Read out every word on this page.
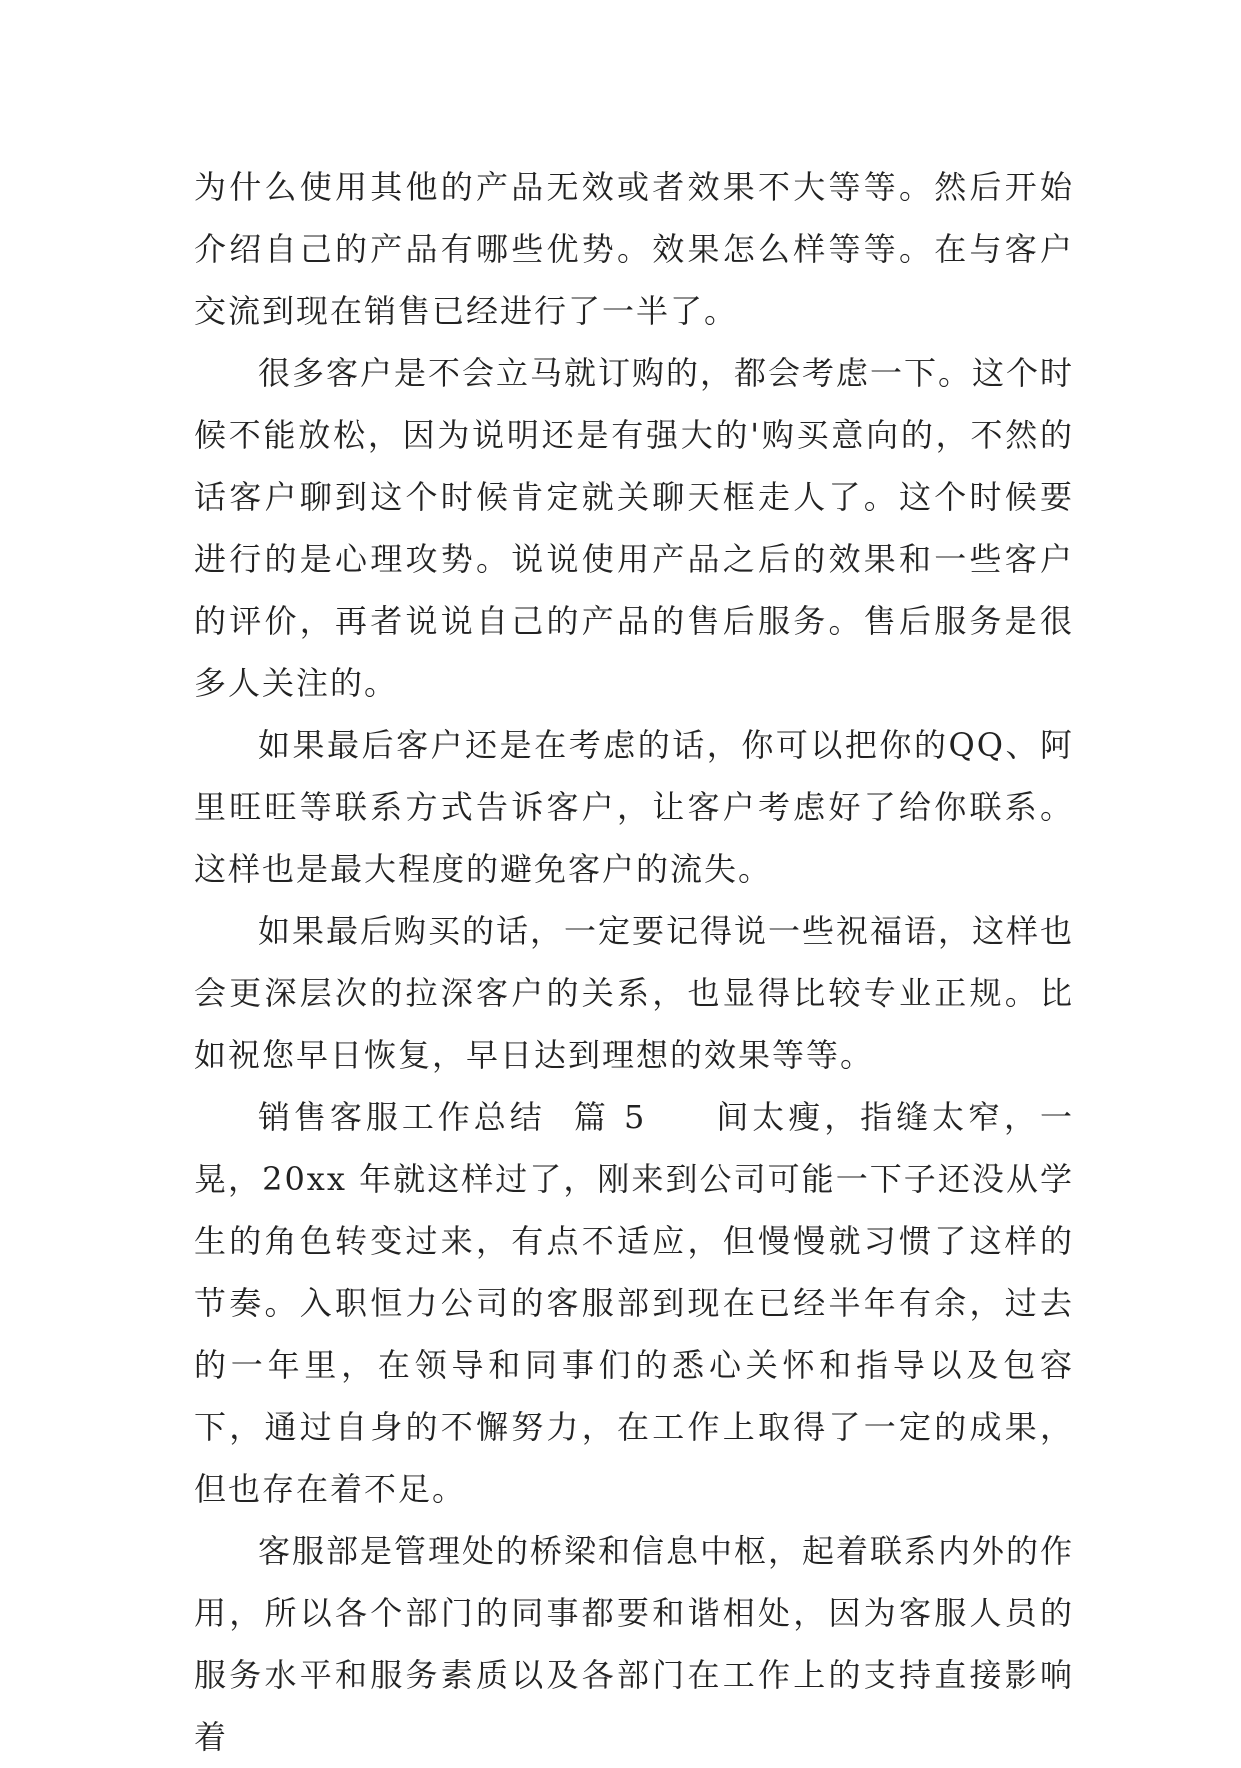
为什么使用其他的产品无效或者效果不大等等。然后开始介绍自己的产品有哪些优势。效果怎么样等等。在与客户交流到现在销售已经进行了一半了。

很多客户是不会立马就订购的，都会考虑一下。这个时候不能放松，因为说明还是有强大的'购买意向的，不然的话客户聊到这个时候肯定就关聊天框走人了。这个时候要进行的是心理攻势。说说使用产品之后的效果和一些客户的评价，再者说说自己的产品的售后服务。售后服务是很多人关注的。

如果最后客户还是在考虑的话，你可以把你的QQ、阿里旺旺等联系方式告诉客户，让客户考虑好了给你联系。这样也是最大程度的避免客户的流失。

如果最后购买的话，一定要记得说一些祝福语，这样也会更深层次的拉深客户的关系，也显得比较专业正规。比如祝您早日恢复，早日达到理想的效果等等。

销售客服工作总结  篇 5   间太瘦，指缝太窄，一晃，20xx 年就这样过了，刚来到公司可能一下子还没从学生的角色转变过来，有点不适应，但慢慢就习惯了这样的节奏。入职恒力公司的客服部到现在已经半年有余，过去的一年里，在领导和同事们的悉心关怀和指导以及包容下，通过自身的不懈努力，在工作上取得了一定的成果，但也存在着不足。

客服部是管理处的桥梁和信息中枢，起着联系内外的作用，所以各个部门的同事都要和谐相处，因为客服人员的服务水平和服务素质以及各部门在工作上的支持直接影响着
